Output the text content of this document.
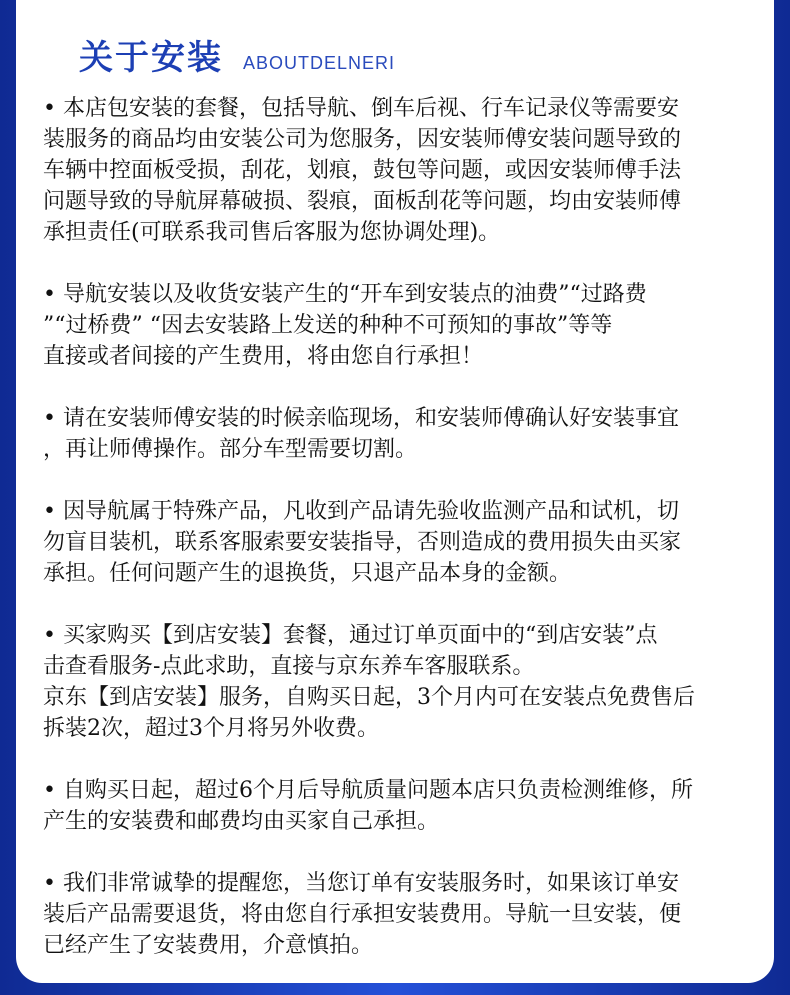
关于安装 ABOUTDELNERI
• 本店包安装的套餐，包括导航、倒车后视、行车记录仪等需要安
装服务的商品均由安装公司为您服务，因安装师傅安装问题导致的
车辆中控面板受损，刮花，划痕，鼓包等问题，或因安装师傅手法
问题导致的导航屏幕破损、裂痕，面板刮花等问题，均由安装师傅
承担责任(可联系我司售后客服为您协调处理)。
• 导航安装以及收货安装产生的“开车到安装点的油费”“过路费
”“过桥费” “因去安装路上发送的种种不可预知的事故”等等
直接或者间接的产生费用，将由您自行承担！
• 请在安装师傅安装的时候亲临现场，和安装师傅确认好安装事宜
，再让师傅操作。部分车型需要切割。
• 因导航属于特殊产品，凡收到产品请先验收监测产品和试机，切
勿盲目装机，联系客服索要安装指导，否则造成的费用损失由买家
承担。任何问题产生的退换货，只退产品本身的金额。
• 买家购买【到店安装】套餐，通过订单页面中的“到店安装”点
击查看服务-点此求助，直接与京东养车客服联系。
京东【到店安装】服务，自购买日起，3个月内可在安装点免费售后
拆装2次，超过3个月将另外收费。
• 自购买日起，超过6个月后导航质量问题本店只负责检测维修，所
产生的安装费和邮费均由买家自己承担。
• 我们非常诚挚的提醒您，当您订单有安装服务时，如果该订单安
装后产品需要退货，将由您自行承担安装费用。导航一旦安装，便
已经产生了安装费用，介意慎拍。
